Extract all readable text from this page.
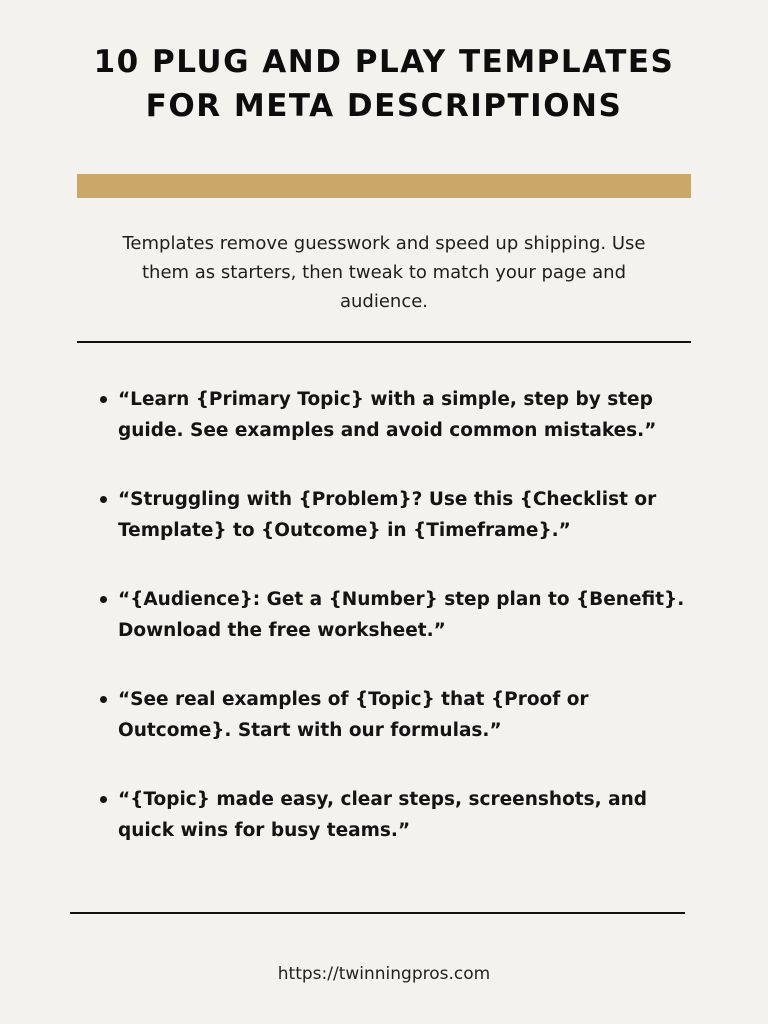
10 PLUG AND PLAY TEMPLATES
FOR META DESCRIPTIONS

Templates remove guesswork and speed up shipping. Use them as starters, then tweak to match your page and audience.

“Learn {Primary Topic} with a simple, step by step guide. See examples and avoid common mistakes.”
“Struggling with {Problem}? Use this {Checklist or Template} to {Outcome} in {Timeframe}.”
“{Audience}: Get a {Number} step plan to {Benefit}. Download the free worksheet.”
“See real examples of {Topic} that {Proof or Outcome}. Start with our formulas.”
“{Topic} made easy, clear steps, screenshots, and quick wins for busy teams.”

https://twinningpros.com
